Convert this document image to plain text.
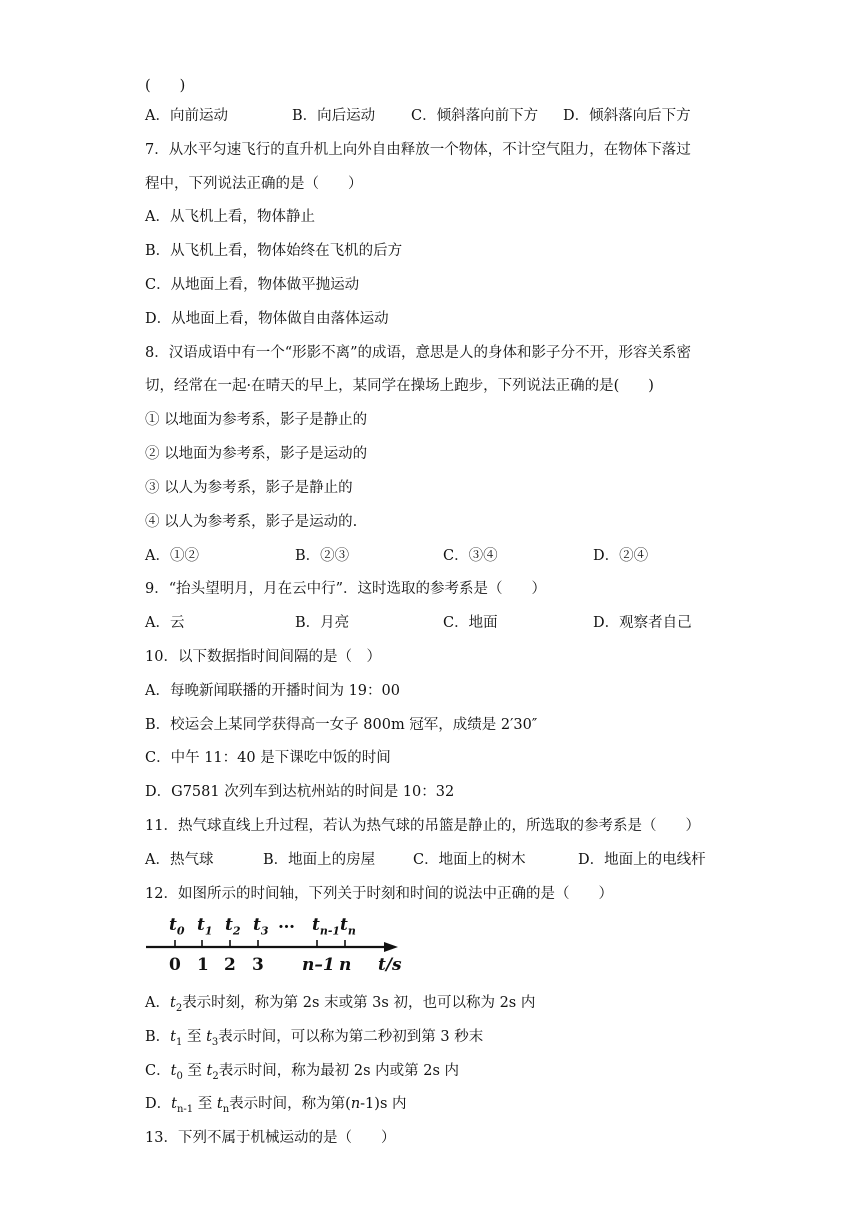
(　　)
A．向前运动	B．向后运动 C．倾斜落向前下方 D．倾斜落向后下方
7．从水平匀速飞行的直升机上向外自由释放一个物体，不计空气阻力，在物体下落过
程中，下列说法正确的是（　　）
A．从飞机上看，物体静止
B．从飞机上看，物体始终在飞机的后方
C．从地面上看，物体做平抛运动
D．从地面上看，物体做自由落体运动
8．汉语成语中有一个“形影不离”的成语，意思是人的身体和影子分不开，形容关系密
切，经常在一起·在晴天的早上，某同学在操场上跑步，下列说法正确的是(　　)
① 以地面为参考系，影子是静止的
② 以地面为参考系，影子是运动的
③ 以人为参考系，影子是静止的
④ 以人为参考系，影子是运动的.
A．①②	B．②③	C．③④	D．②④
9．“抬头望明月，月在云中行”．这时选取的参考系是（　　）
A．云	B．月亮	C．地面	D．观察者自己
10．以下数据指时间间隔的是（　）
A．每晚新闻联播的开播时间为 19：00
B．校运会上某同学获得高一女子 800m 冠军，成绩是 2′30″
C．中午 11：40 是下课吃中饭的时间
D．G7581 次列车到达杭州站的时间是 10：32
11．热气球直线上升过程，若认为热气球的吊篮是静止的，所选取的参考系是（　　）
A．热气球	B．地面上的房屋	C．地面上的树木	D．地面上的电线杆
12．如图所示的时间轴，下列关于时刻和时间的说法中正确的是（　　）
$t_0$ $t_1$ $t_2$ $t_3$ … $t_{n-1}$ $t_n$
0 1 2 3 n–1 n t/s
A．$t_2$表示时刻，称为第 2s 末或第 3s 初，也可以称为 2s 内
B．$t_1$ 至 $t_3$表示时间，可以称为第二秒初到第 3 秒末
C．$t_0$ 至 $t_2$表示时间，称为最初 2s 内或第 2s 内
D．$t_{n-1}$ 至 $t_n$表示时间，称为第(n-1)s 内
13．下列不属于机械运动的是（　　）
